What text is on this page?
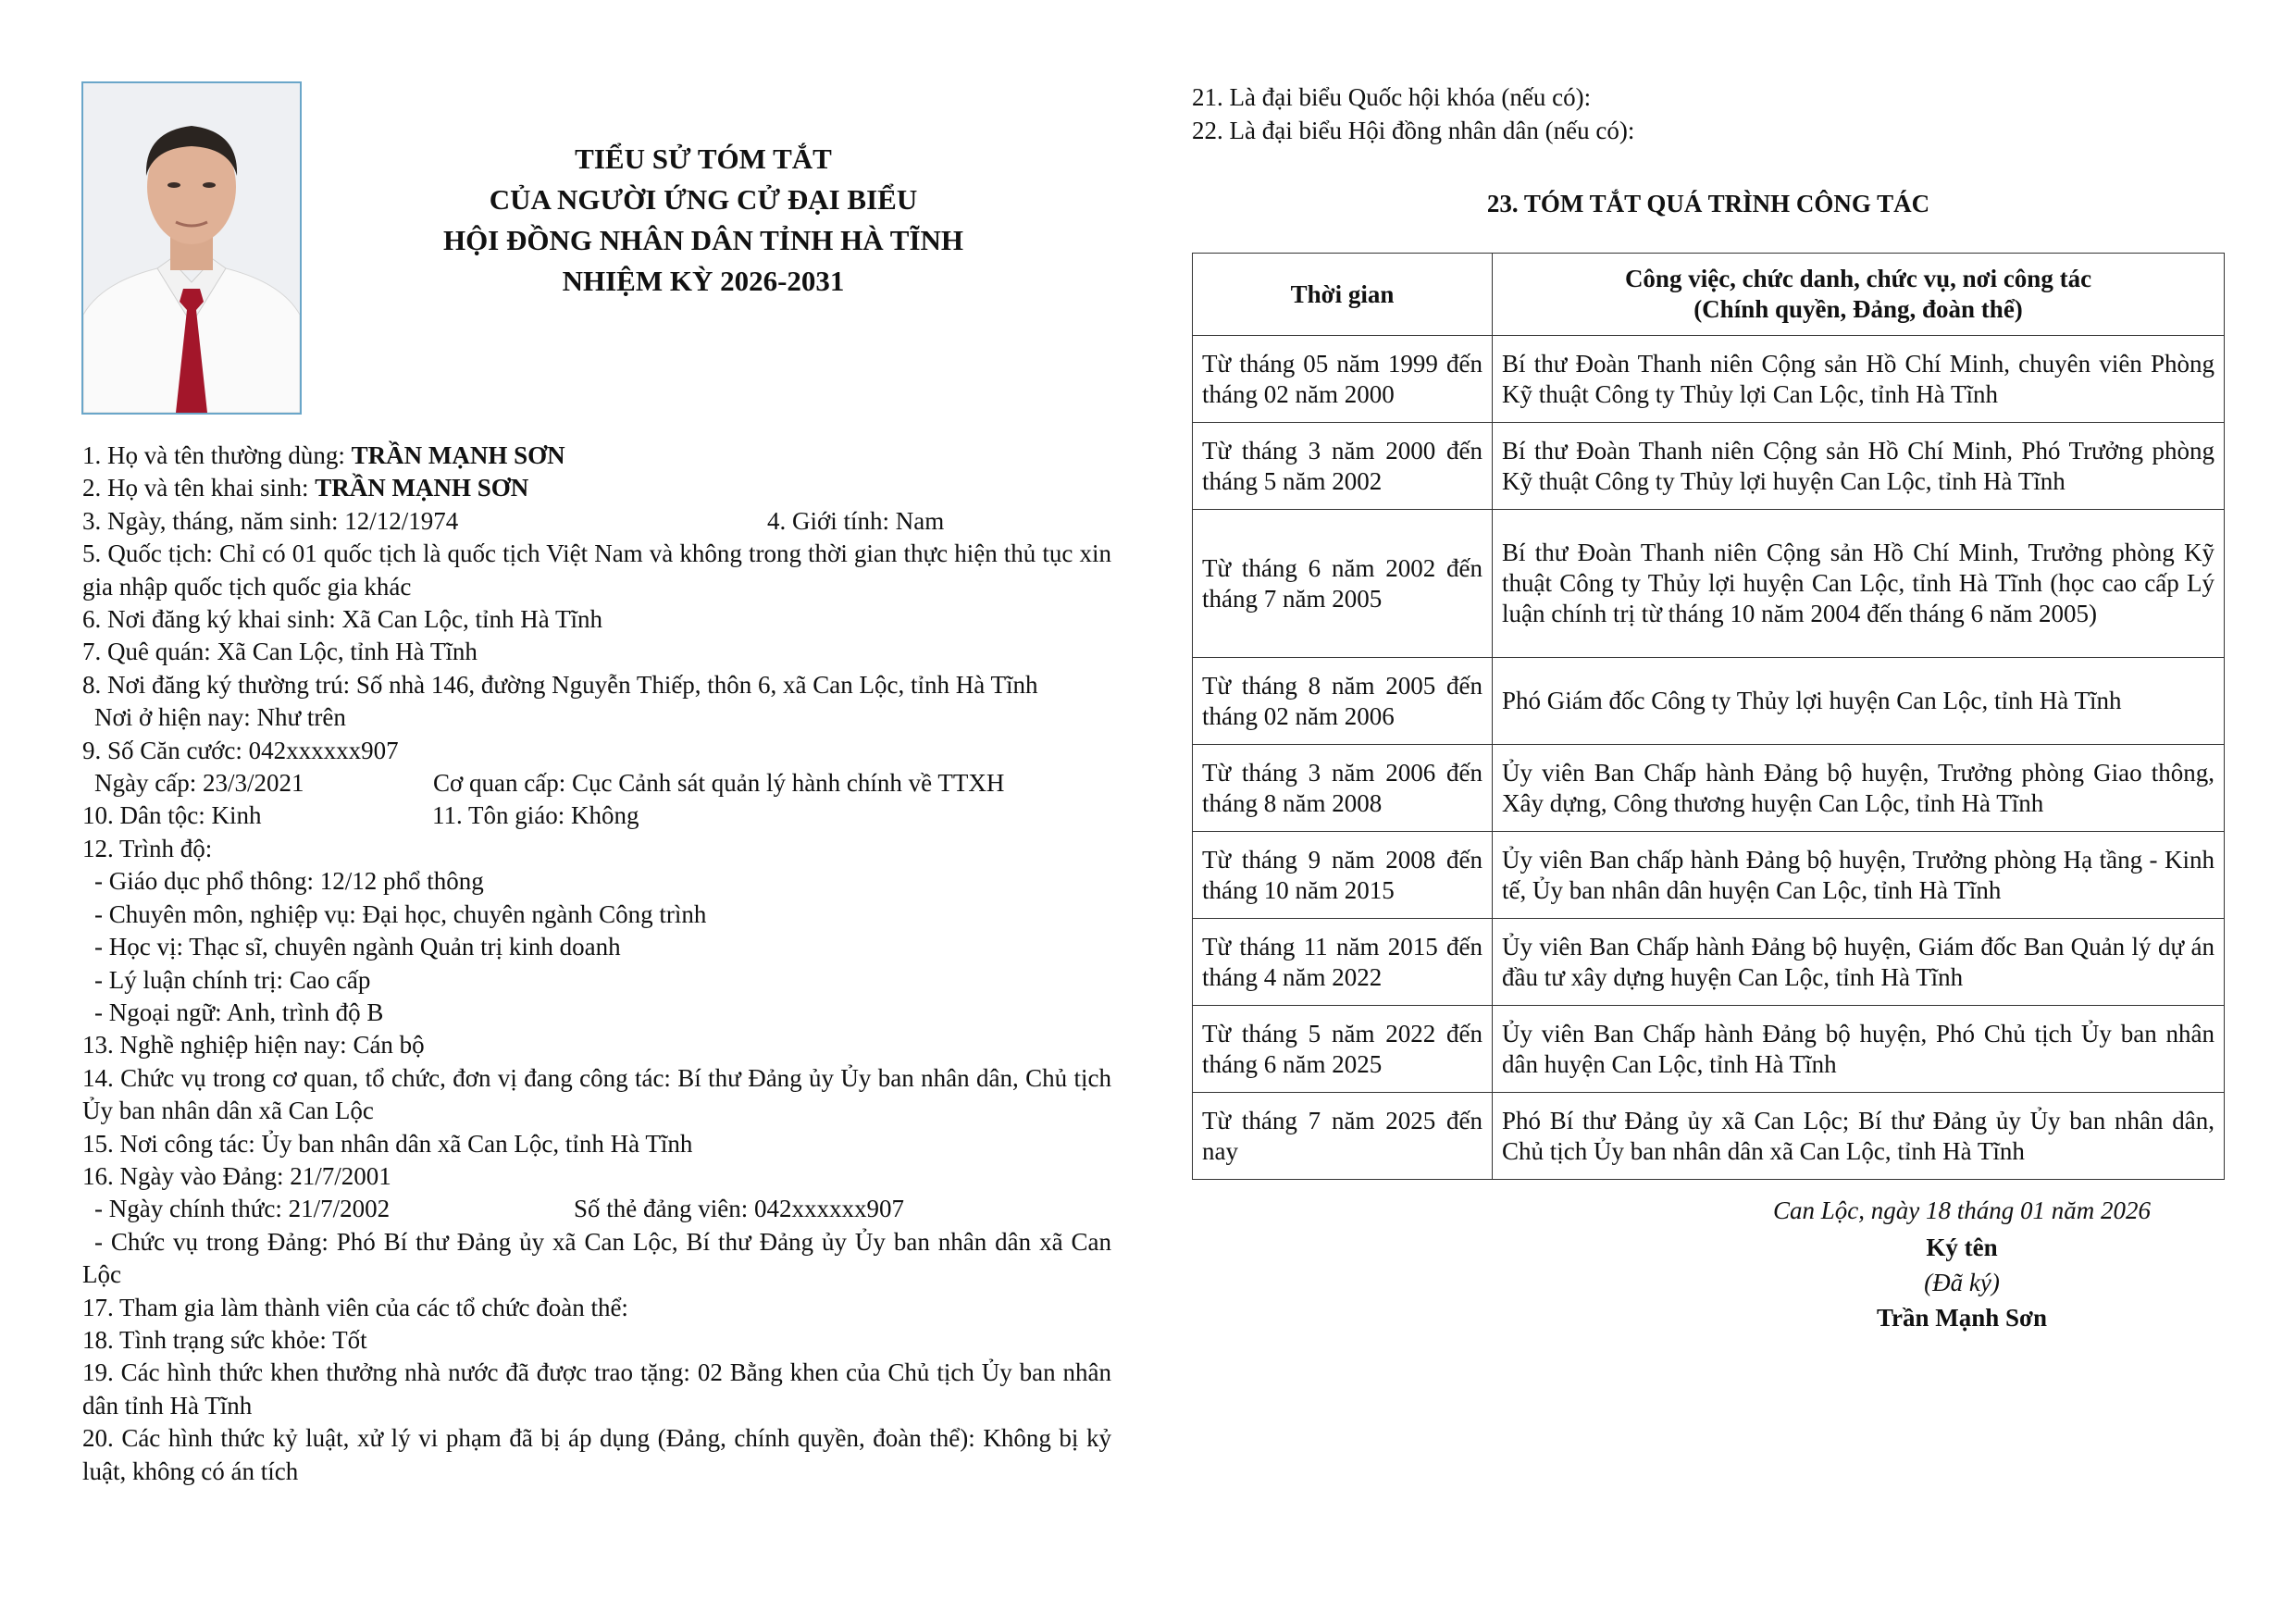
TIỂU SỬ TÓM TẮT
CỦA NGƯỜI ỨNG CỬ ĐẠI BIỂU
HỘI ĐỒNG NHÂN DÂN TỈNH HÀ TĨNH
NHIỆM KỲ 2026-2031
1. Họ và tên thường dùng: TRẦN MẠNH SƠN
2. Họ và tên khai sinh: TRẦN MẠNH SƠN
3. Ngày, tháng, năm sinh: 12/12/1974	4. Giới tính: Nam
5. Quốc tịch: Chỉ có 01 quốc tịch là quốc tịch Việt Nam và không trong thời gian thực hiện thủ tục xin gia nhập quốc tịch quốc gia khác
6. Nơi đăng ký khai sinh: Xã Can Lộc, tỉnh Hà Tĩnh
7. Quê quán: Xã Can Lộc, tỉnh Hà Tĩnh
8. Nơi đăng ký thường trú: Số nhà 146, đường Nguyễn Thiếp, thôn 6, xã Can Lộc, tỉnh Hà Tĩnh
Nơi ở hiện nay: Như trên
9. Số Căn cước: 042xxxxxx907
Ngày cấp: 23/3/2021	Cơ quan cấp: Cục Cảnh sát quản lý hành chính về TTXH
10. Dân tộc: Kinh	11. Tôn giáo: Không
12. Trình độ:
- Giáo dục phổ thông: 12/12 phổ thông
- Chuyên môn, nghiệp vụ: Đại học, chuyên ngành Công trình
- Học vị: Thạc sĩ, chuyên ngành Quản trị kinh doanh
- Lý luận chính trị: Cao cấp
- Ngoại ngữ: Anh, trình độ B
13. Nghề nghiệp hiện nay: Cán bộ
14. Chức vụ trong cơ quan, tổ chức, đơn vị đang công tác: Bí thư Đảng ủy Ủy ban nhân dân, Chủ tịch Ủy ban nhân dân xã Can Lộc
15. Nơi công tác: Ủy ban nhân dân xã Can Lộc, tỉnh Hà Tĩnh
16. Ngày vào Đảng: 21/7/2001
- Ngày chính thức: 21/7/2002	Số thẻ đảng viên: 042xxxxxx907
- Chức vụ trong Đảng: Phó Bí thư Đảng ủy xã Can Lộc, Bí thư Đảng ủy Ủy ban nhân dân xã Can Lộc
17. Tham gia làm thành viên của các tổ chức đoàn thể:
18. Tình trạng sức khỏe: Tốt
19. Các hình thức khen thưởng nhà nước đã được trao tặng: 02 Bằng khen của Chủ tịch Ủy ban nhân dân tỉnh Hà Tĩnh
20. Các hình thức kỷ luật, xử lý vi phạm đã bị áp dụng (Đảng, chính quyền, đoàn thể): Không bị kỷ luật, không có án tích
21. Là đại biểu Quốc hội khóa (nếu có):
22. Là đại biểu Hội đồng nhân dân (nếu có):
23. TÓM TẮT QUÁ TRÌNH CÔNG TÁC
Thời gian	Công việc, chức danh, chức vụ, nơi công tác
(Chính quyền, Đảng, đoàn thể)

Từ tháng 05 năm 1999 đến tháng 02 năm 2000	Bí thư Đoàn Thanh niên Cộng sản Hồ Chí Minh, chuyên viên Phòng Kỹ thuật Công ty Thủy lợi Can Lộc, tỉnh Hà Tĩnh
Từ tháng 3 năm 2000 đến tháng 5 năm 2002	Bí thư Đoàn Thanh niên Cộng sản Hồ Chí Minh, Phó Trưởng phòng Kỹ thuật Công ty Thủy lợi huyện Can Lộc, tỉnh Hà Tĩnh
Từ tháng 6 năm 2002 đến tháng 7 năm 2005	Bí thư Đoàn Thanh niên Cộng sản Hồ Chí Minh, Trưởng phòng Kỹ thuật Công ty Thủy lợi huyện Can Lộc, tỉnh Hà Tĩnh (học cao cấp Lý luận chính trị từ tháng 10 năm 2004 đến tháng 6 năm 2005)
Từ tháng 8 năm 2005 đến tháng 02 năm 2006	Phó Giám đốc Công ty Thủy lợi huyện Can Lộc, tỉnh Hà Tĩnh
Từ tháng 3 năm 2006 đến tháng 8 năm 2008	Ủy viên Ban Chấp hành Đảng bộ huyện, Trưởng phòng Giao thông, Xây dựng, Công thương huyện Can Lộc, tỉnh Hà Tĩnh
Từ tháng 9 năm 2008 đến tháng 10 năm 2015	Ủy viên Ban chấp hành Đảng bộ huyện, Trưởng phòng Hạ tầng - Kinh tế, Ủy ban nhân dân huyện Can Lộc, tỉnh Hà Tĩnh
Từ tháng 11 năm 2015 đến tháng 4 năm 2022	Ủy viên Ban Chấp hành Đảng bộ huyện, Giám đốc Ban Quản lý dự án đầu tư xây dựng huyện Can Lộc, tỉnh Hà Tĩnh
Từ tháng 5 năm 2022 đến tháng 6 năm 2025	Ủy viên Ban Chấp hành Đảng bộ huyện, Phó Chủ tịch Ủy ban nhân dân huyện Can Lộc, tỉnh Hà Tĩnh
Từ tháng 7 năm 2025 đến nay	Phó Bí thư Đảng ủy xã Can Lộc; Bí thư Đảng ủy Ủy ban nhân dân, Chủ tịch Ủy ban nhân dân xã Can Lộc, tỉnh Hà Tĩnh
Can Lộc, ngày 18 tháng 01 năm 2026
Ký tên
(Đã ký)
Trần Mạnh Sơn
